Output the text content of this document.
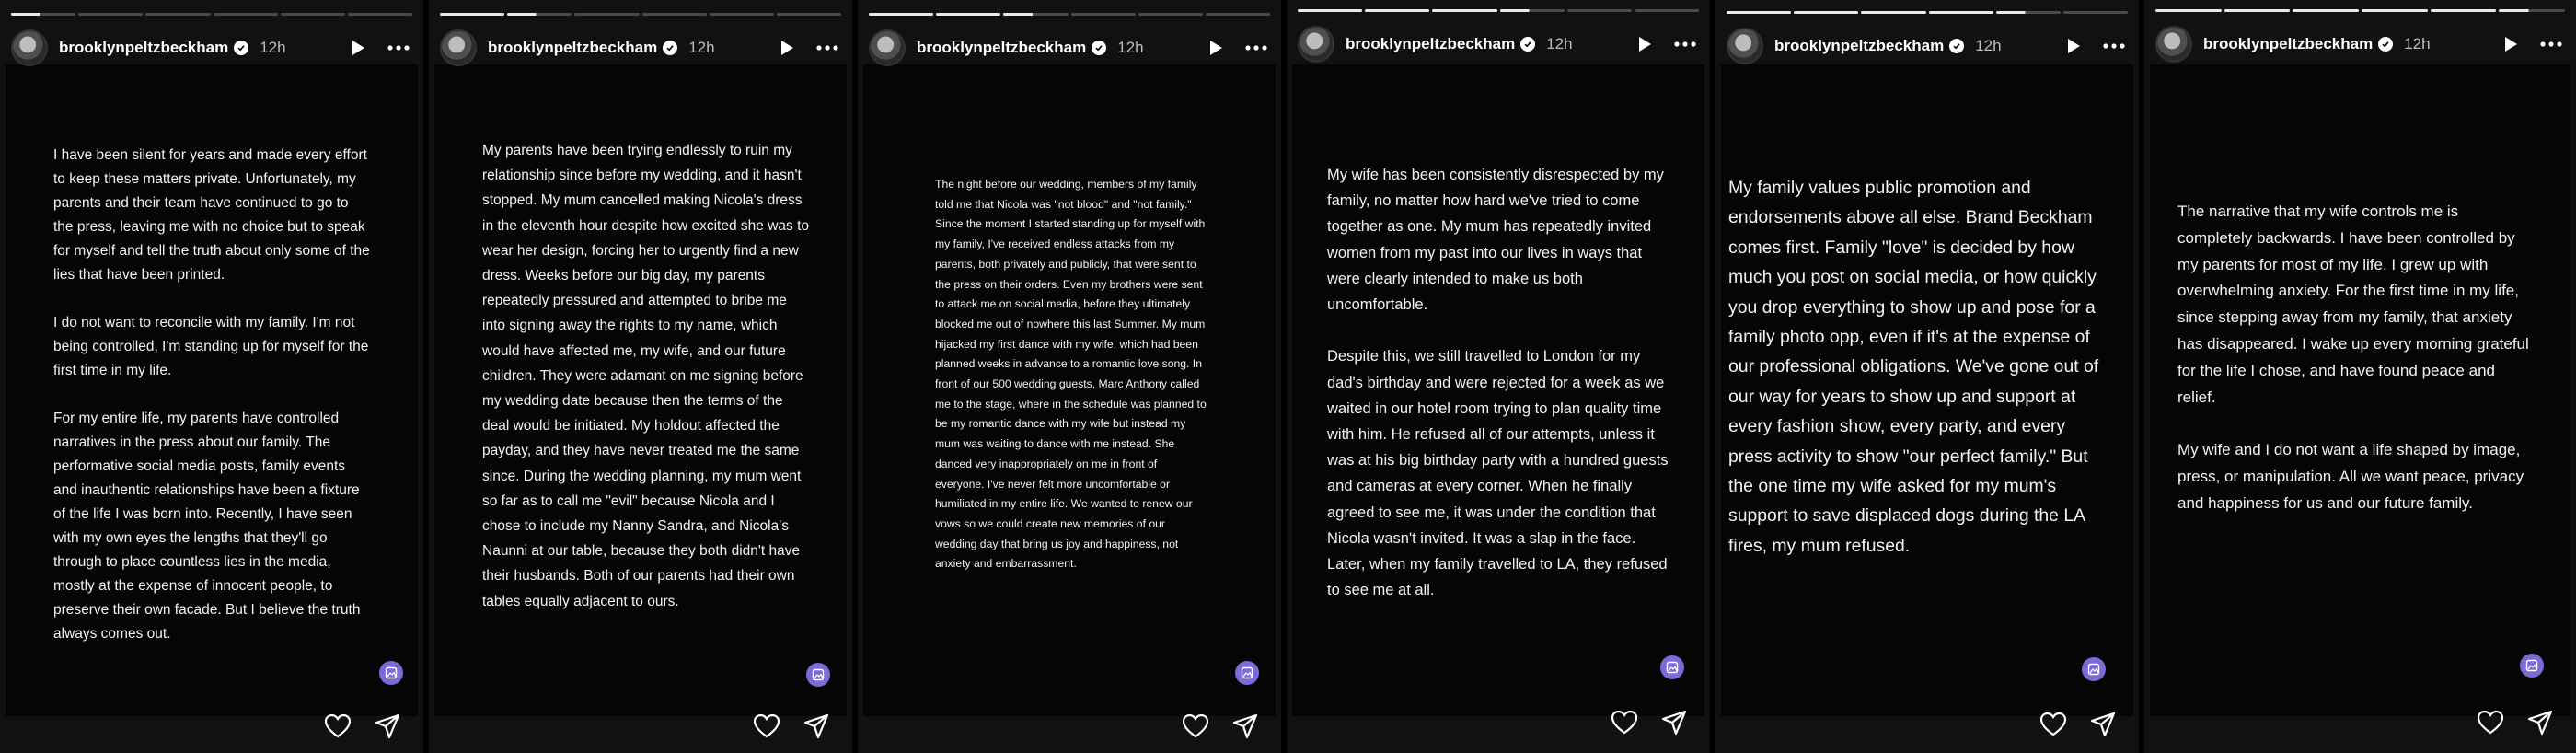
brooklynpeltzbeckham 12h
I have been silent for years and made every effort to keep these matters private. Unfortunately, my parents and their team have continued to go to the press, leaving me with no choice but to speak for myself and tell the truth about only some of the lies that have been printed.

I do not want to reconcile with my family. I'm not being controlled, I'm standing up for myself for the first time in my life.

For my entire life, my parents have controlled narratives in the press about our family. The performative social media posts, family events and inauthentic relationships have been a fixture of the life I was born into. Recently, I have seen with my own eyes the lengths that they'll go through to place countless lies in the media, mostly at the expense of innocent people, to preserve their own facade. But I believe the truth always comes out.
brooklynpeltzbeckham 12h
My parents have been trying endlessly to ruin my relationship since before my wedding, and it hasn't stopped. My mum cancelled making Nicola's dress in the eleventh hour despite how excited she was to wear her design, forcing her to urgently find a new dress. Weeks before our big day, my parents repeatedly pressured and attempted to bribe me into signing away the rights to my name, which would have affected me, my wife, and our future children. They were adamant on me signing before my wedding date because then the terms of the deal would be initiated. My holdout affected the payday, and they have never treated me the same since. During the wedding planning, my mum went so far as to call me "evil" because Nicola and I chose to include my Nanny Sandra, and Nicola's Naunni at our table, because they both didn't have their husbands. Both of our parents had their own tables equally adjacent to ours.
brooklynpeltzbeckham 12h
The night before our wedding, members of my family told me that Nicola was "not blood" and "not family." Since the moment I started standing up for myself with my family, I've received endless attacks from my parents, both privately and publicly, that were sent to the press on their orders. Even my brothers were sent to attack me on social media, before they ultimately blocked me out of nowhere this last Summer. My mum hijacked my first dance with my wife, which had been planned weeks in advance to a romantic love song. In front of our 500 wedding guests, Marc Anthony called me to the stage, where in the schedule was planned to be my romantic dance with my wife but instead my mum was waiting to dance with me instead. She danced very inappropriately on me in front of everyone. I've never felt more uncomfortable or humiliated in my entire life. We wanted to renew our vows so we could create new memories of our wedding day that bring us joy and happiness, not anxiety and embarrassment.
brooklynpeltzbeckham 12h
My wife has been consistently disrespected by my family, no matter how hard we've tried to come together as one. My mum has repeatedly invited women from my past into our lives in ways that were clearly intended to make us both uncomfortable.

Despite this, we still travelled to London for my dad's birthday and were rejected for a week as we waited in our hotel room trying to plan quality time with him. He refused all of our attempts, unless it was at his big birthday party with a hundred guests and cameras at every corner. When he finally agreed to see me, it was under the condition that Nicola wasn't invited. It was a slap in the face. Later, when my family travelled to LA, they refused to see me at all.
brooklynpeltzbeckham 12h
My family values public promotion and endorsements above all else. Brand Beckham comes first. Family "love" is decided by how much you post on social media, or how quickly you drop everything to show up and pose for a family photo opp, even if it's at the expense of our professional obligations. We've gone out of our way for years to show up and support at every fashion show, every party, and every press activity to show "our perfect family." But the one time my wife asked for my mum's support to save displaced dogs during the LA fires, my mum refused.
brooklynpeltzbeckham 12h
The narrative that my wife controls me is completely backwards. I have been controlled by my parents for most of my life. I grew up with overwhelming anxiety. For the first time in my life, since stepping away from my family, that anxiety has disappeared. I wake up every morning grateful for the life I chose, and have found peace and relief.

My wife and I do not want a life shaped by image, press, or manipulation. All we want peace, privacy and happiness for us and our future family.
